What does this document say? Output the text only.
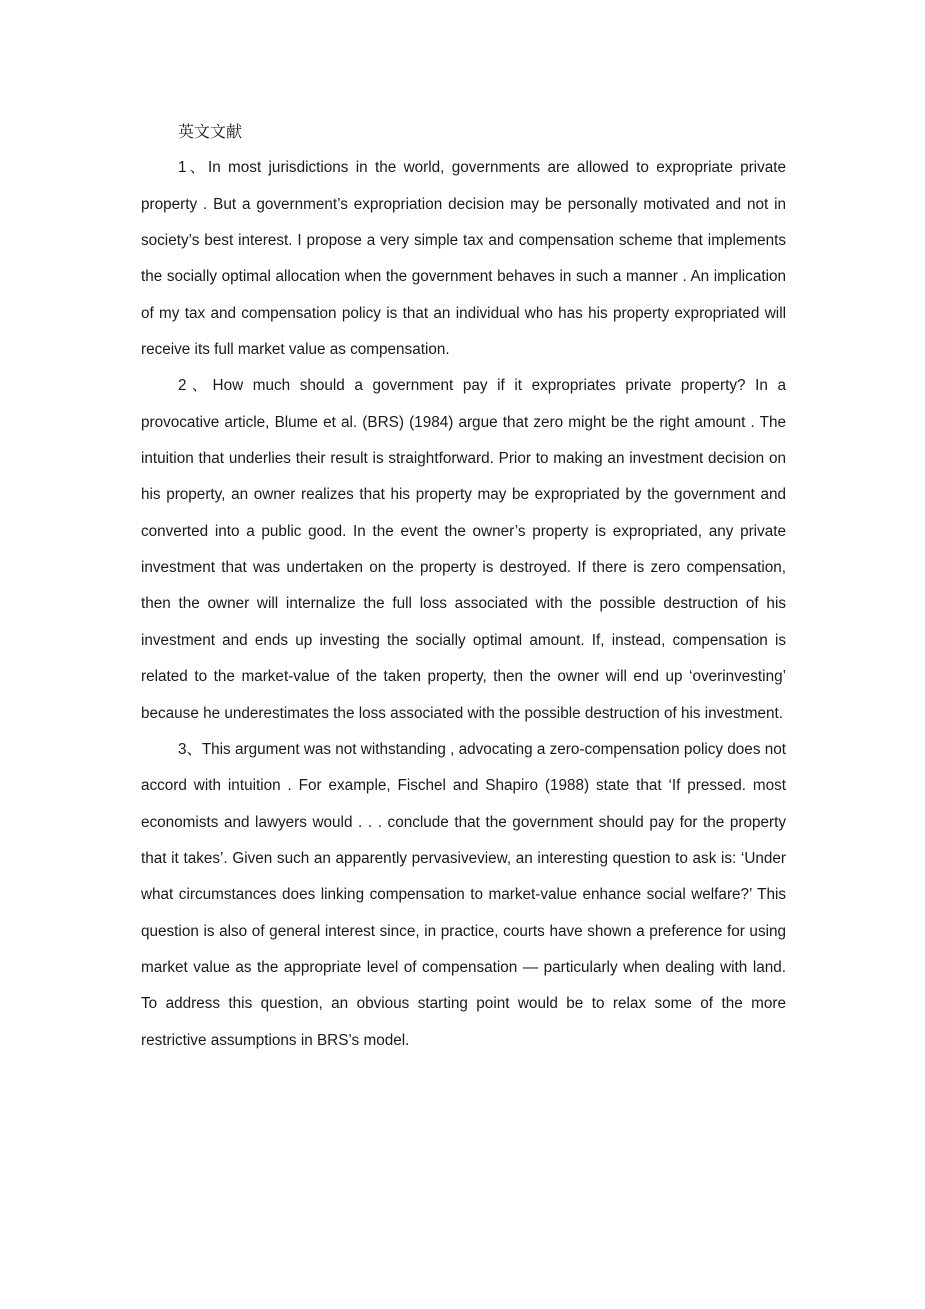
英文文献

1、In most jurisdictions in the world, governments are allowed to expropriate private property . But a government’s expropriation decision may be personally motivated and not in society’s best interest. I propose a very simple tax and compensation scheme that implements the socially optimal allocation when the government behaves in such a manner . An implication of my tax and compensation policy is that an individual who has his property expropriated will receive its full market value as compensation.

2、How much should a government pay if it expropriates private property? In a provocative article, Blume et al. (BRS) (1984) argue that zero might be the right amount . The intuition that underlies their result is straightforward. Prior to making an investment decision on his property, an owner realizes that his property may be expropriated by the government and converted into a public good. In the event the owner’s property is expropriated, any private investment that was undertaken on the property is destroyed. If there is zero compensation, then the owner will internalize the full loss associated with the possible destruction of his investment and ends up investing the socially optimal amount. If, instead, compensation is related to the market-value of the taken property, then the owner will end up ‘overinvesting’ because he underestimates the loss associated with the possible destruction of his investment.

3、This argument was not withstanding , advocating a zero-compensation policy does not accord with intuition . For example, Fischel and Shapiro (1988) state that ‘If pressed. most economists and lawyers would . . . conclude that the government should pay for the property that it takes’. Given such an apparently pervasiveview, an interesting question to ask is: ‘Under what circumstances does linking compensation to market-value enhance social welfare?’ This question is also of general interest since, in practice, courts have shown a preference for using market value as the appropriate level of compensation — particularly when dealing with land. To address this question, an obvious starting point would be to relax some of the more restrictive assumptions in BRS’s model.
